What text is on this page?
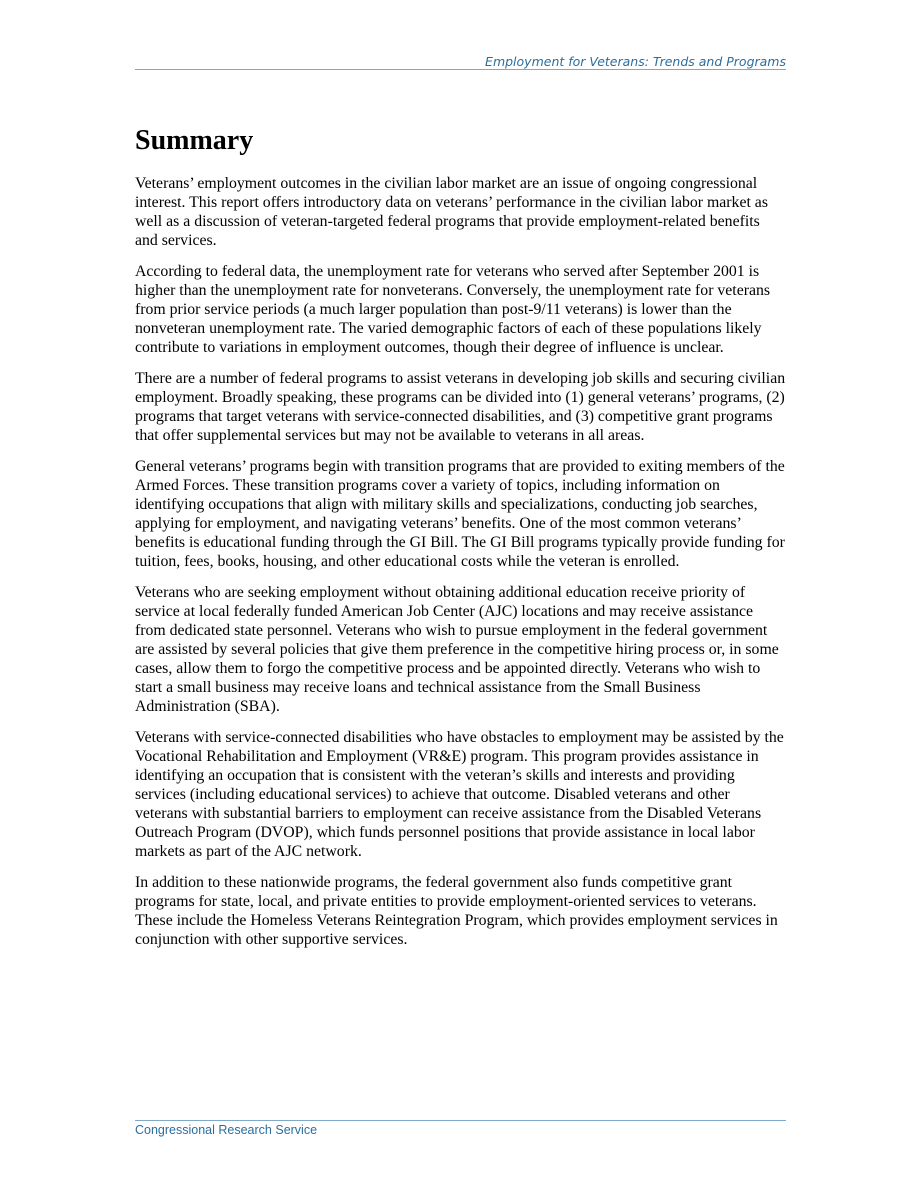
Employment for Veterans: Trends and Programs
Summary

Veterans’ employment outcomes in the civilian labor market are an issue of ongoing congressional interest. This report offers introductory data on veterans’ performance in the civilian labor market as well as a discussion of veteran-targeted federal programs that provide employment-related benefits and services.

According to federal data, the unemployment rate for veterans who served after September 2001 is higher than the unemployment rate for nonveterans. Conversely, the unemployment rate for veterans from prior service periods (a much larger population than post-9/11 veterans) is lower than the nonveteran unemployment rate. The varied demographic factors of each of these populations likely contribute to variations in employment outcomes, though their degree of influence is unclear.

There are a number of federal programs to assist veterans in developing job skills and securing civilian employment. Broadly speaking, these programs can be divided into (1) general veterans’ programs, (2) programs that target veterans with service-connected disabilities, and (3) competitive grant programs that offer supplemental services but may not be available to veterans in all areas.

General veterans’ programs begin with transition programs that are provided to exiting members of the Armed Forces. These transition programs cover a variety of topics, including information on identifying occupations that align with military skills and specializations, conducting job searches, applying for employment, and navigating veterans’ benefits. One of the most common veterans’ benefits is educational funding through the GI Bill. The GI Bill programs typically provide funding for tuition, fees, books, housing, and other educational costs while the veteran is enrolled.

Veterans who are seeking employment without obtaining additional education receive priority of service at local federally funded American Job Center (AJC) locations and may receive assistance from dedicated state personnel. Veterans who wish to pursue employment in the federal government are assisted by several policies that give them preference in the competitive hiring process or, in some cases, allow them to forgo the competitive process and be appointed directly. Veterans who wish to start a small business may receive loans and technical assistance from the Small Business Administration (SBA).

Veterans with service-connected disabilities who have obstacles to employment may be assisted by the Vocational Rehabilitation and Employment (VR&E) program. This program provides assistance in identifying an occupation that is consistent with the veteran’s skills and interests and providing services (including educational services) to achieve that outcome. Disabled veterans and other veterans with substantial barriers to employment can receive assistance from the Disabled Veterans Outreach Program (DVOP), which funds personnel positions that provide assistance in local labor markets as part of the AJC network.

In addition to these nationwide programs, the federal government also funds competitive grant programs for state, local, and private entities to provide employment-oriented services to veterans. These include the Homeless Veterans Reintegration Program, which provides employment services in conjunction with other supportive services.

Congressional Research Service
